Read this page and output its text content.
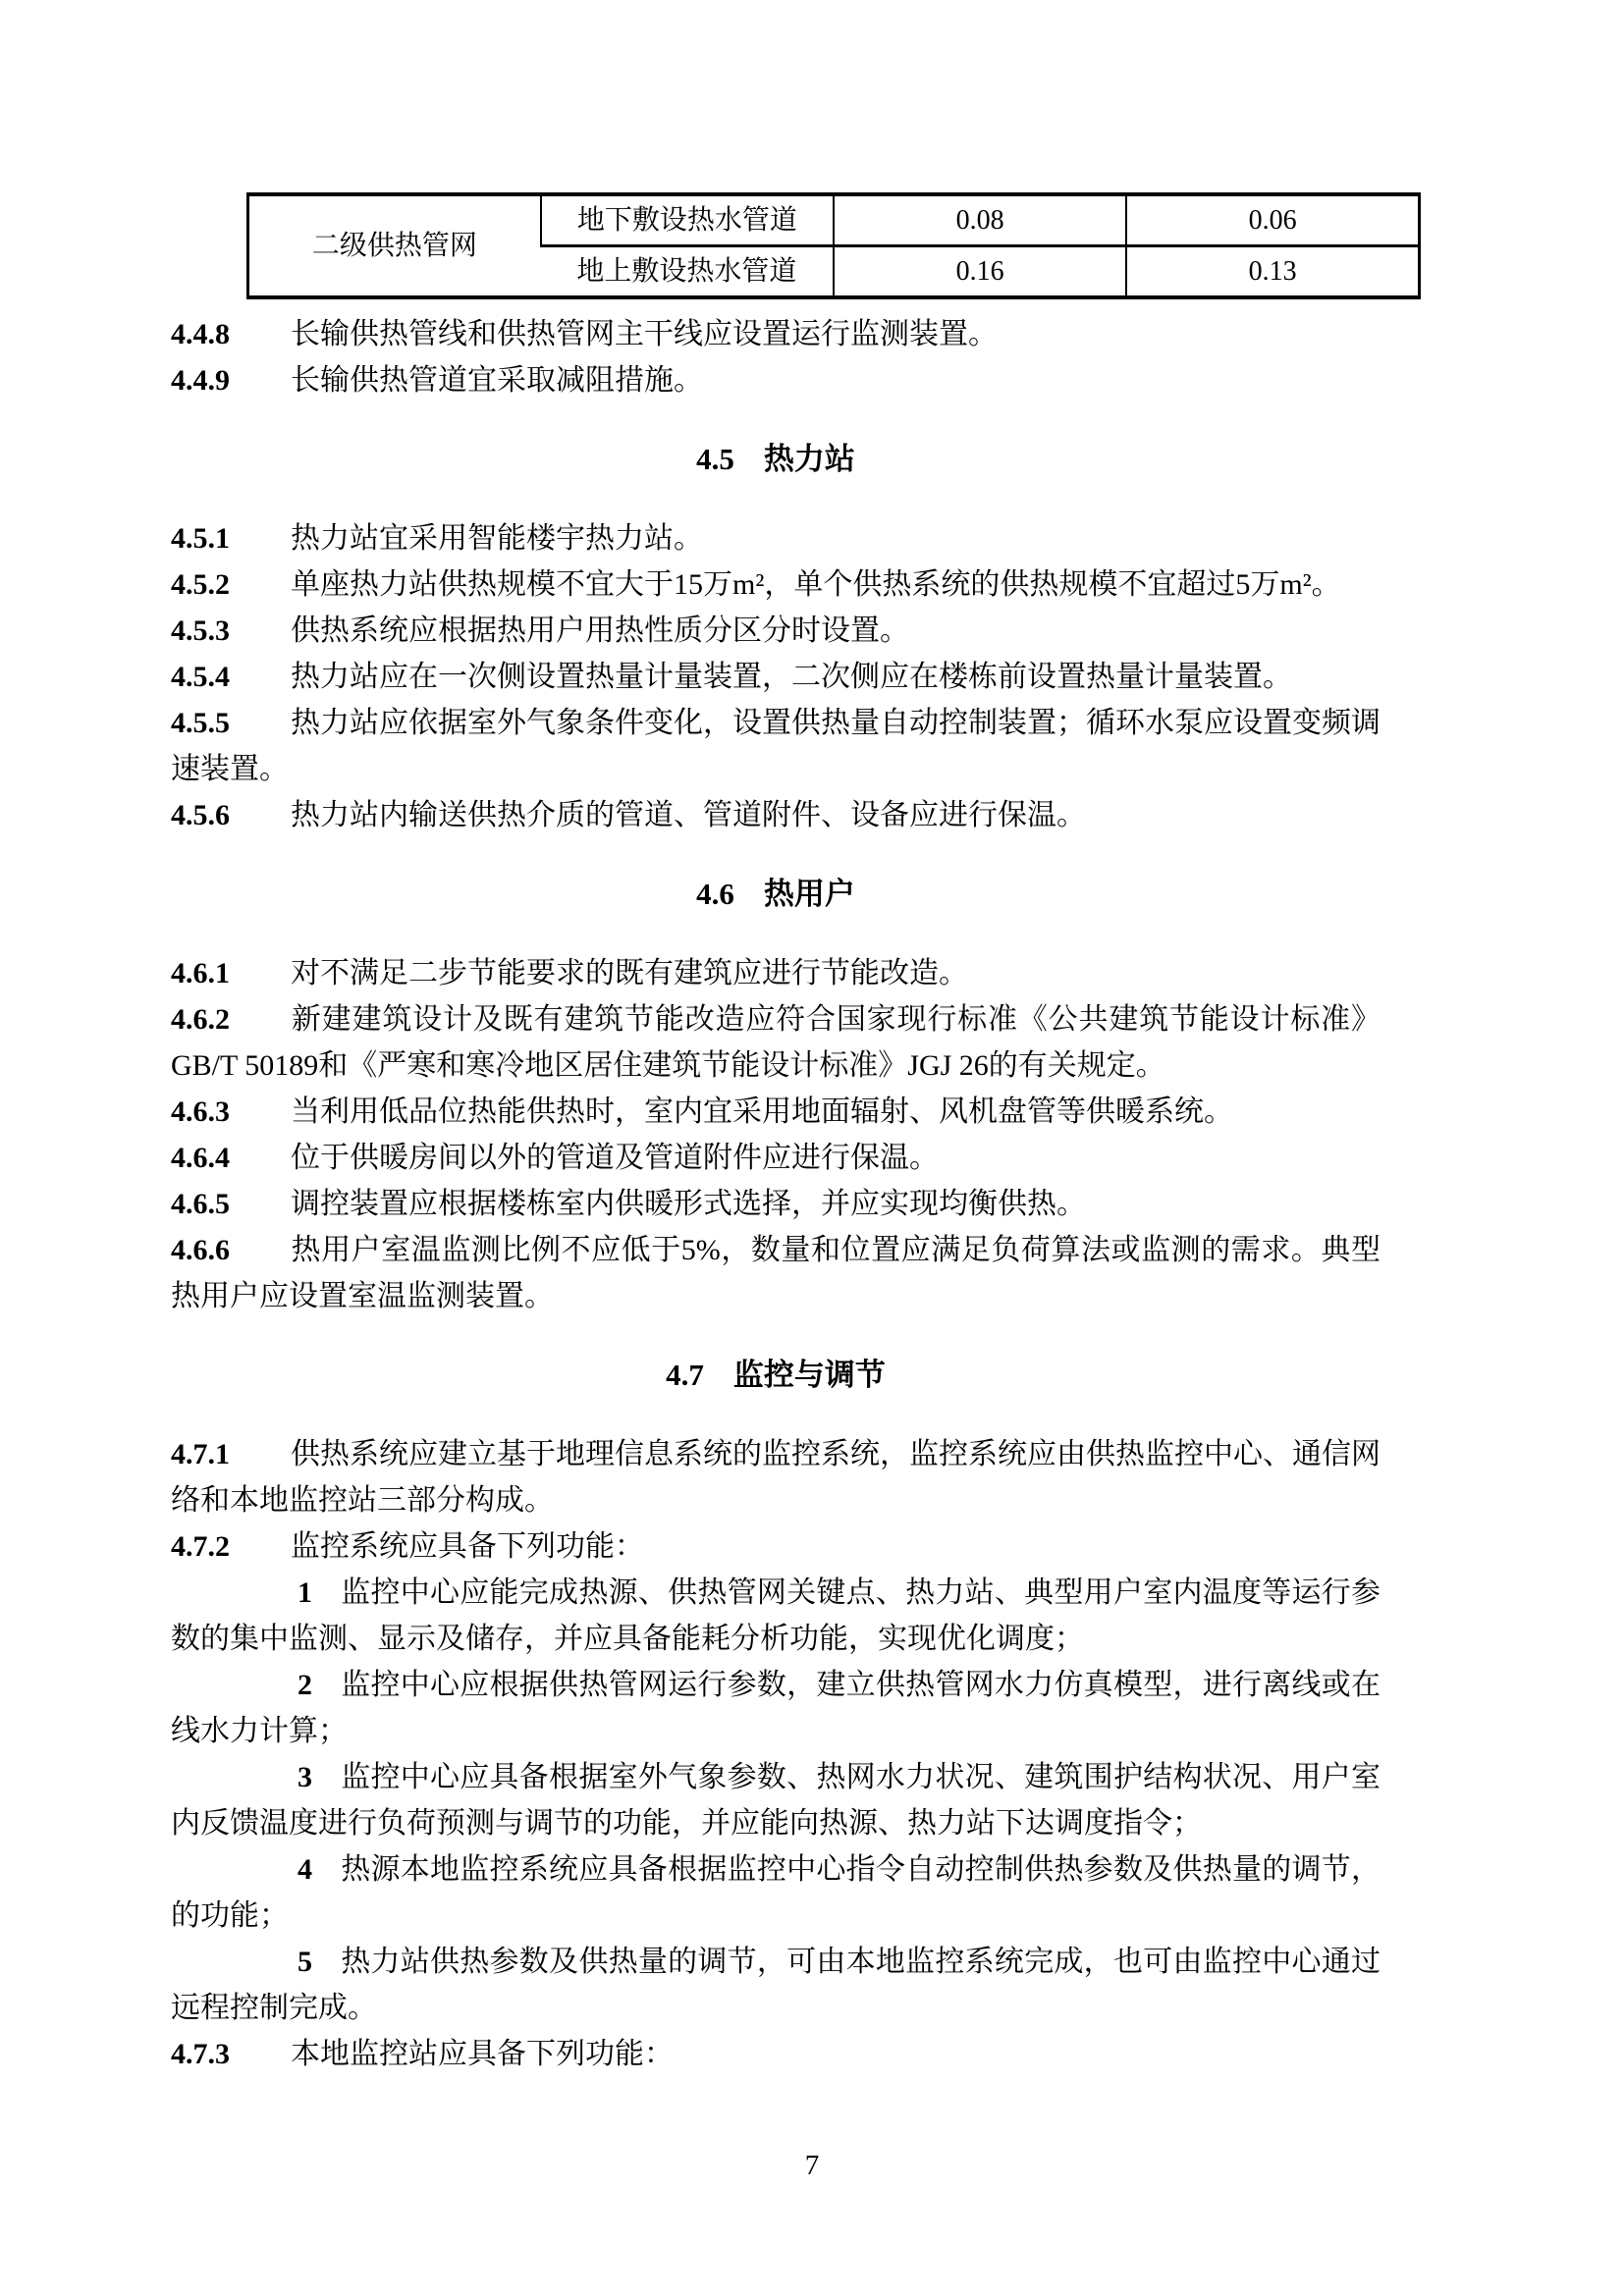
二级供热管网	地下敷设热水管道	0.08	0.06
	地上敷设热水管道	0.16	0.13

4.4.8 长输供热管线和供热管网主干线应设置运行监测装置。

4.4.9 长输供热管道宜采取减阻措施。

4.5 热力站

4.5.1 热力站宜采用智能楼宇热力站。

4.5.2 单座热力站供热规模不宜大于15万m²，单个供热系统的供热规模不宜超过5万m²。

4.5.3 供热系统应根据热用户用热性质分区分时设置。

4.5.4 热力站应在一次侧设置热量计量装置，二次侧应在楼栋前设置热量计量装置。

4.5.5 热力站应依据室外气象条件变化，设置供热量自动控制装置；循环水泵应设置变频调速装置。

4.5.6 热力站内输送供热介质的管道、管道附件、设备应进行保温。

4.6 热用户

4.6.1 对不满足二步节能要求的既有建筑应进行节能改造。

4.6.2 新建建筑设计及既有建筑节能改造应符合国家现行标准《公共建筑节能设计标准》GB/T 50189和《严寒和寒冷地区居住建筑节能设计标准》JGJ 26的有关规定。

4.6.3 当利用低品位热能供热时，室内宜采用地面辐射、风机盘管等供暖系统。

4.6.4 位于供暖房间以外的管道及管道附件应进行保温。

4.6.5 调控装置应根据楼栋室内供暖形式选择，并应实现均衡供热。

4.6.6 热用户室温监测比例不应低于5%，数量和位置应满足负荷算法或监测的需求。典型热用户应设置室温监测装置。

4.7 监控与调节

4.7.1 供热系统应建立基于地理信息系统的监控系统，监控系统应由供热监控中心、通信网络和本地监控站三部分构成。

4.7.2 监控系统应具备下列功能：

1 监控中心应能完成热源、供热管网关键点、热力站、典型用户室内温度等运行参数的集中监测、显示及储存，并应具备能耗分析功能，实现优化调度；

2 监控中心应根据供热管网运行参数，建立供热管网水力仿真模型，进行离线或在线水力计算；

3 监控中心应具备根据室外气象参数、热网水力状况、建筑围护结构状况、用户室内反馈温度进行负荷预测与调节的功能，并应能向热源、热力站下达调度指令；

4 热源本地监控系统应具备根据监控中心指令自动控制供热参数及供热量的调节，的功能；

5 热力站供热参数及供热量的调节，可由本地监控系统完成，也可由监控中心通过远程控制完成。

4.7.3 本地监控站应具备下列功能：

7
